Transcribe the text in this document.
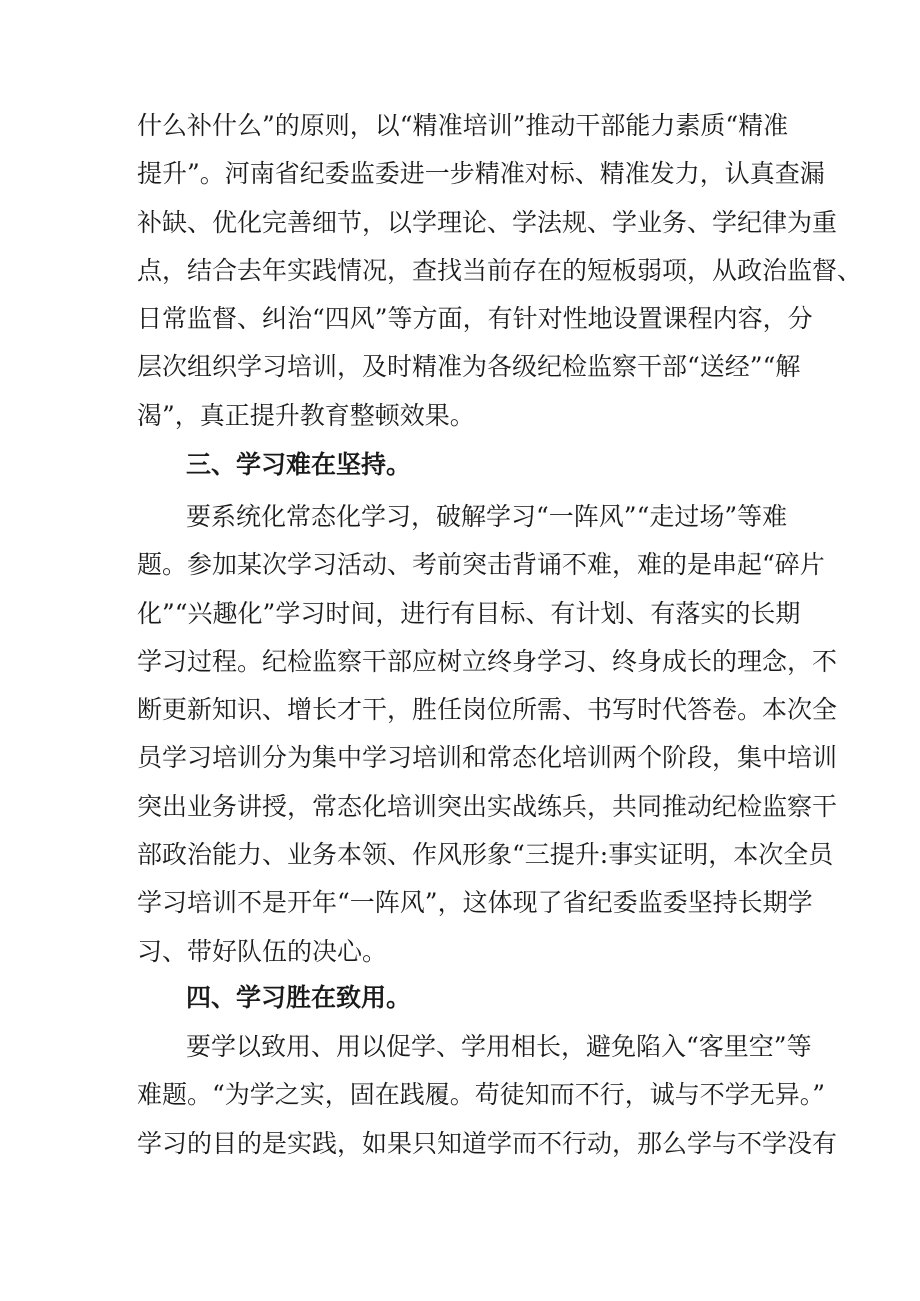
什么补什么”的原则，以“精准培训”推动干部能力素质“精准
提升”。河南省纪委监委进一步精准对标、精准发力，认真查漏
补缺、优化完善细节，以学理论、学法规、学业务、学纪律为重
点，结合去年实践情况，查找当前存在的短板弱项，从政治监督、
日常监督、纠治“四风”等方面，有针对性地设置课程内容，分
层次组织学习培训，及时精准为各级纪检监察干部“送经”“解
渴”，真正提升教育整顿效果。
三、学习难在坚持。
要系统化常态化学习，破解学习“一阵风”“走过场”等难
题。参加某次学习活动、考前突击背诵不难，难的是串起“碎片
化”“兴趣化”学习时间，进行有目标、有计划、有落实的长期
学习过程。纪检监察干部应树立终身学习、终身成长的理念，不
断更新知识、增长才干，胜任岗位所需、书写时代答卷。本次全
员学习培训分为集中学习培训和常态化培训两个阶段，集中培训
突出业务讲授，常态化培训突出实战练兵，共同推动纪检监察干
部政治能力、业务本领、作风形象“三提升:事实证明，本次全员
学习培训不是开年“一阵风”，这体现了省纪委监委坚持长期学
习、带好队伍的决心。
四、学习胜在致用。
要学以致用、用以促学、学用相长，避免陷入“客里空”等
难题。“为学之实，固在践履。苟徒知而不行，诚与不学无异。”
学习的目的是实践，如果只知道学而不行动，那么学与不学没有
